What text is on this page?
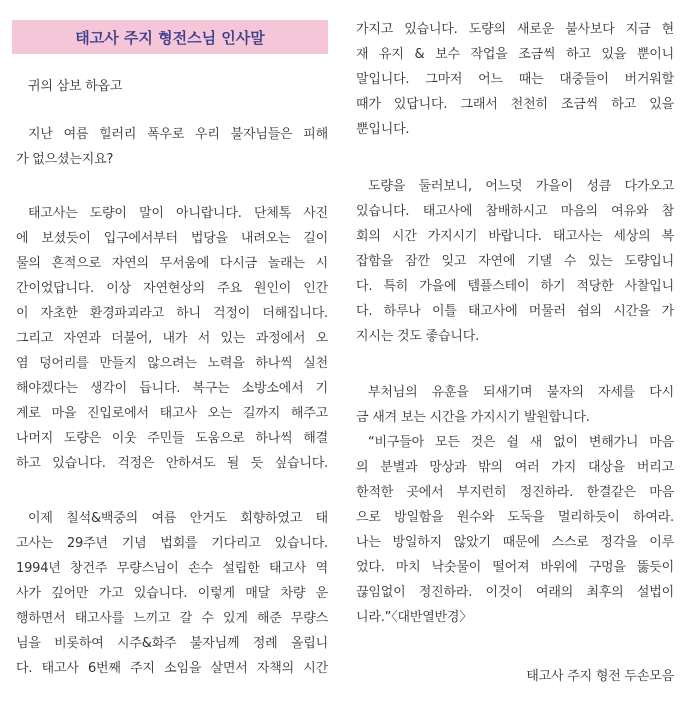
태고사 주지 형전스님 인사말
귀의 삼보 하옵고
지난 여름 힐러리 폭우로 우리 불자님들은 피해
가 없으셨는지요?
태고사는 도량이 말이 아니랍니다. 단체톡 사진
에 보셨듯이 입구에서부터 법당을 내려오는 길이
물의 흔적으로 자연의 무서움에 다시금 놀래는 시
간이었답니다. 이상 자연현상의 주요 원인이 인간
이 자초한 환경파괴라고 하니 걱정이 더해집니다.
그리고 자연과 더불어, 내가 서 있는 과정에서 오
염 덩어리를 만들지 않으려는 노력을 하나씩 실천
해야겠다는 생각이 듭니다. 복구는 소방소에서 기
계로 마을 진입로에서 태고사 오는 길까지 해주고
나머지 도량은 이웃 주민들 도움으로 하나씩 해결
하고 있습니다. 걱정은 안하셔도 될 듯 싶습니다.
이제 칠석&백중의 여름 안거도 회향하였고 태
고사는 29주년 기념 법회를 기다리고 있습니다.
1994년 창건주 무량스님이 손수 설립한 태고사 역
사가 깊어만 가고 있습니다. 이렇게 매달 차량 운
행하면서 태고사를 느끼고 갈 수 있게 해준 무량스
님을 비롯하여 시주&화주 불자님께 정례 올립니
다. 태고사 6번째 주지 소임을 살면서 자책의 시간
가지고 있습니다. 도량의 새로운 불사보다 지금 현
재 유지 & 보수 작업을 조금씩 하고 있을 뿐이니
말입니다. 그마저 어느 때는 대중들이 버거워할
때가 있답니다. 그래서 천천히 조금씩 하고 있을
뿐입니다.
도량을 둘러보니, 어느덧 가을이 성큼 다가오고
있습니다. 태고사에 참배하시고 마음의 여유와 참
회의 시간 가지시기 바랍니다. 태고사는 세상의 복
잡함을 잠깐 잊고 자연에 기댈 수 있는 도량입니
다. 특히 가을에 템플스테이 하기 적당한 사찰입니
다. 하루나 이틀 태고사에 머물러 쉼의 시간을 가
지시는 것도 좋습니다.
부처님의 유훈을 되새기며 불자의 자세를 다시
금 새겨 보는 시간을 가지시기 발원합니다.
“비구들아 모든 것은 쉴 새 없이 변해가니 마음
의 분별과 망상과 밖의 여러 가지 대상을 버리고
한적한 곳에서 부지런히 정진하라. 한결같은 마음
으로 방일함을 원수와 도둑을 멀리하듯이 하여라.
나는 방일하지 않았기 때문에 스스로 정각을 이루
었다. 마치 낙숫물이 떨어져 바위에 구멍을 뚫듯이
끊임없이 정진하라. 이것이 여래의 최후의 설법이
니라.”〈대반열반경〉
태고사 주지 형전 두손모음
